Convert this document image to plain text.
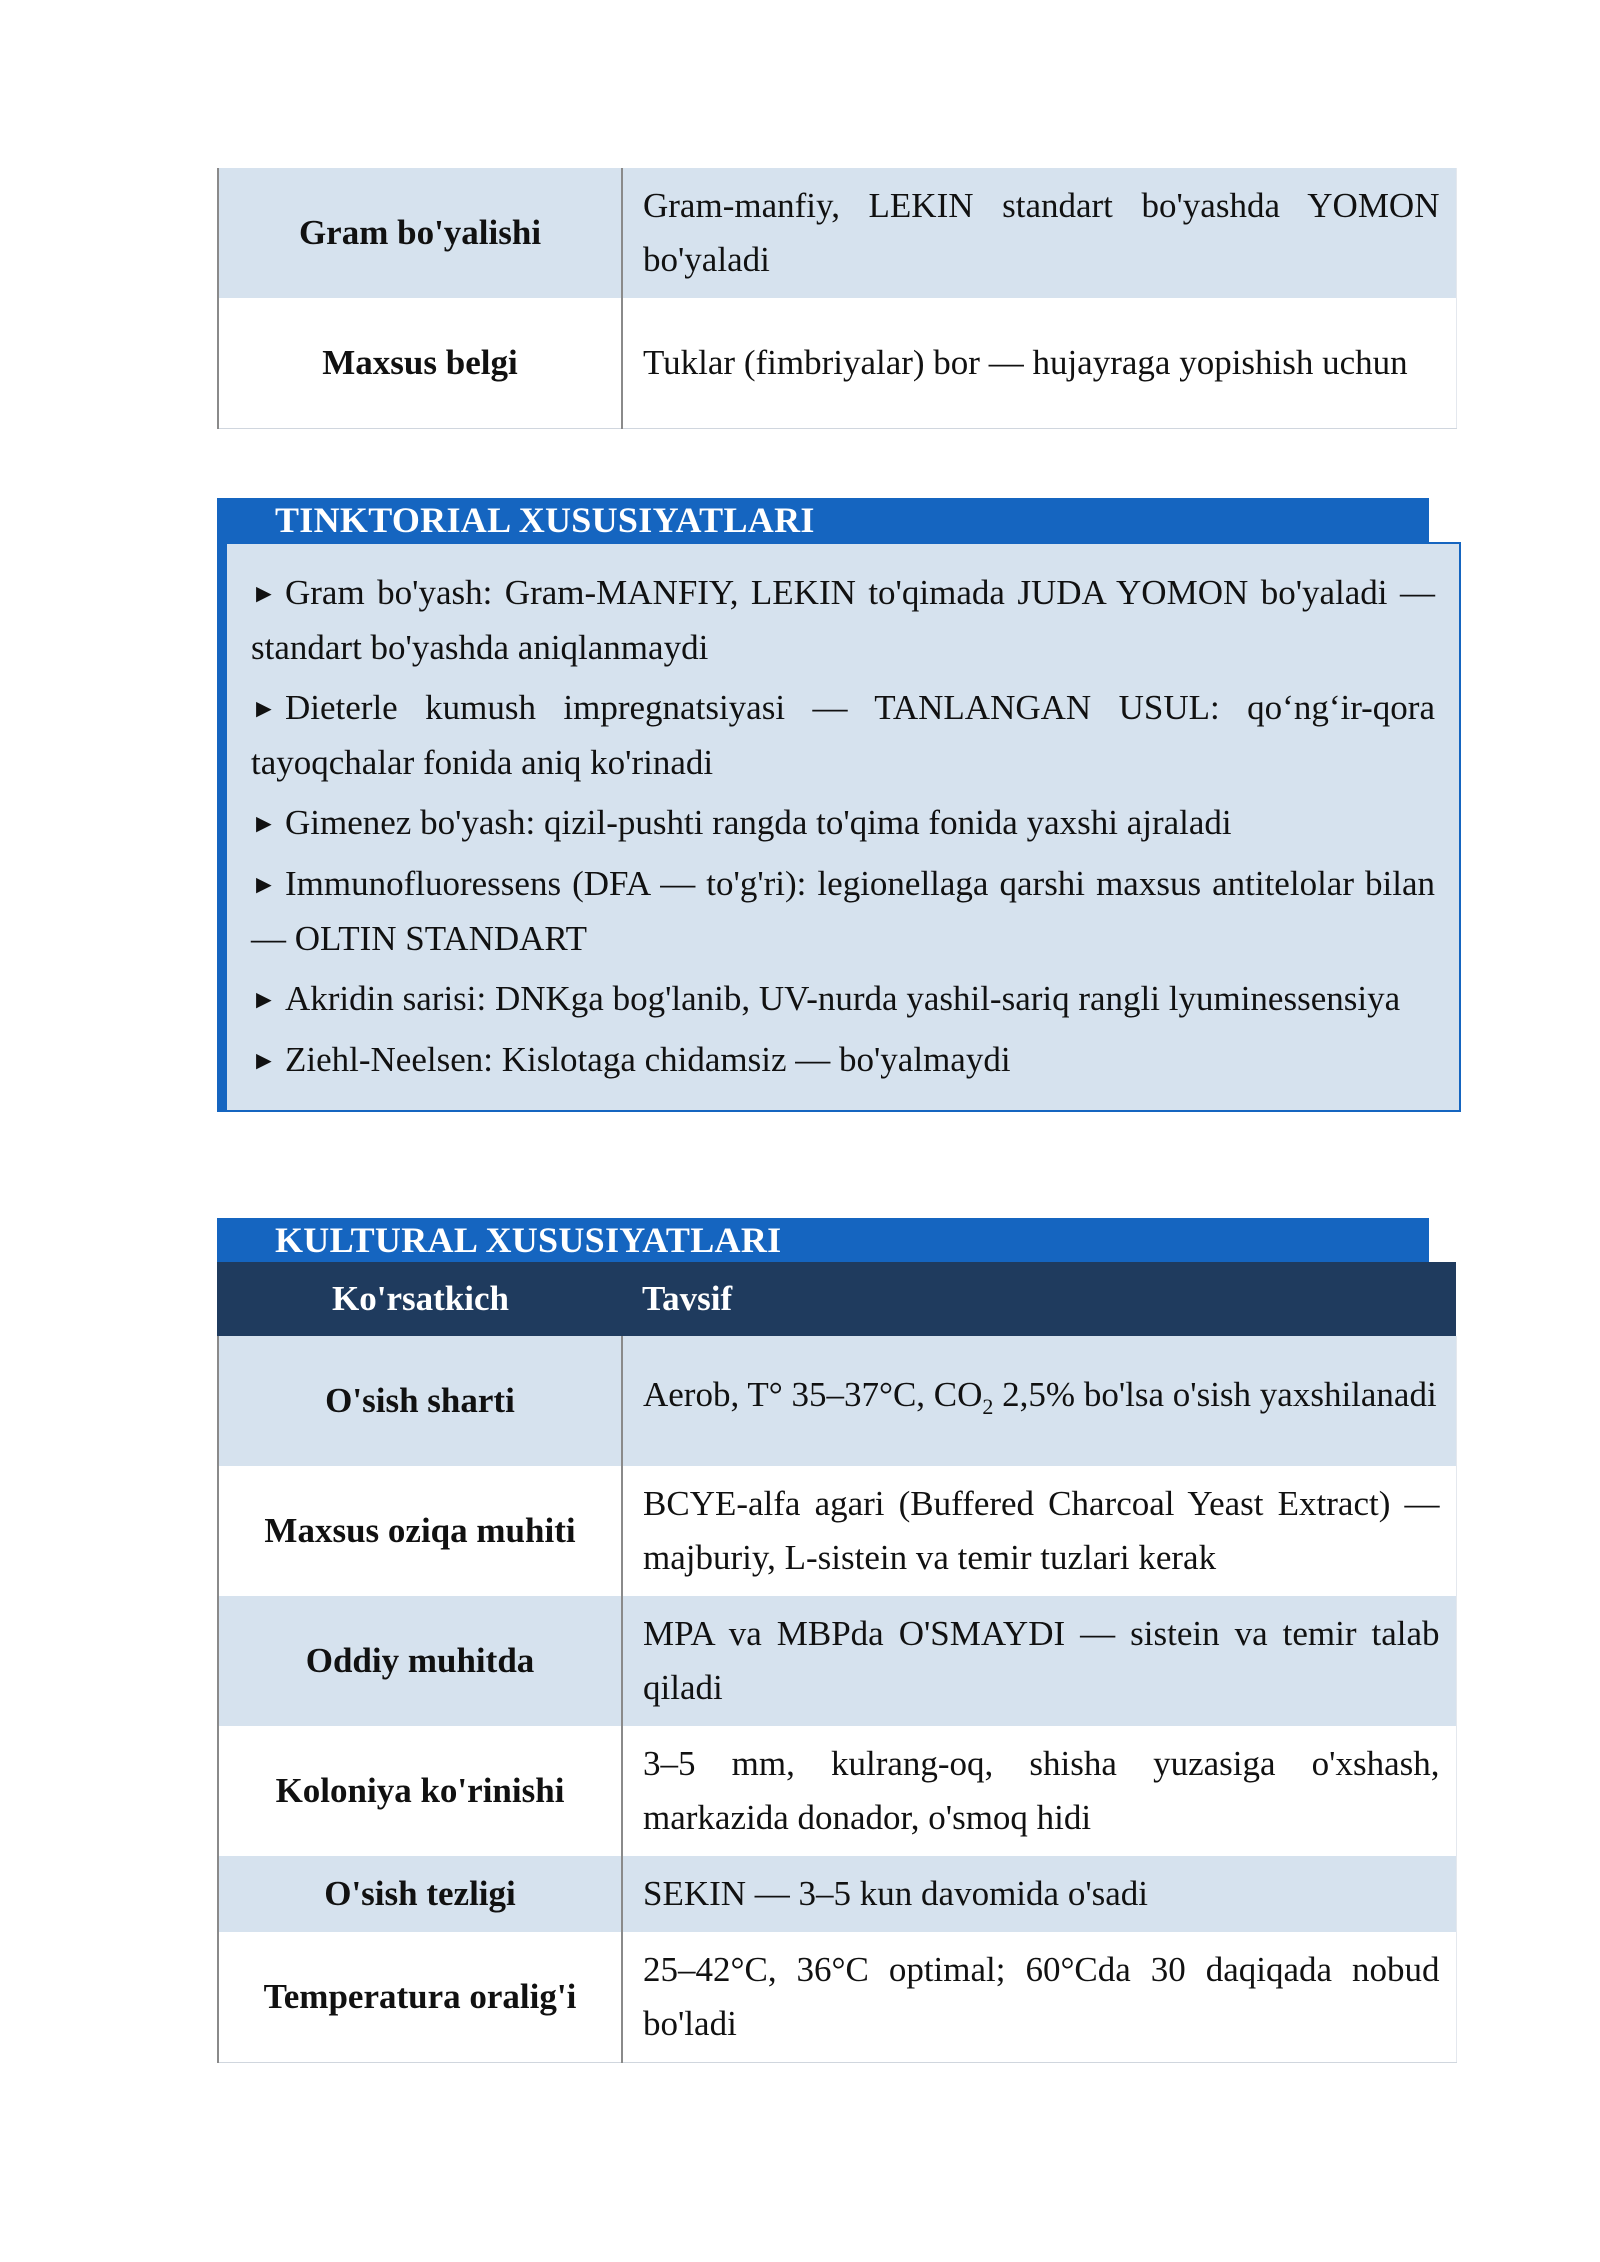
Gram bo'yalishi	Gram-manfiy, LEKIN standart bo'yashda YOMON bo'yaladi
Maxsus belgi	Tuklar (fimbriyalar) bor — hujayraga yopishish uchun
TINKTORIAL XUSUSIYATLARI
► Gram bo'yash: Gram-MANFIY, LEKIN to'qimada JUDA YOMON bo'yaladi — standart bo'yashda aniqlanmaydi
► Dieterle kumush impregnatsiyasi — TANLANGAN USUL: qo‘ng‘ir-qora tayoqchalar fonida aniq ko'rinadi
► Gimenez bo'yash: qizil-pushti rangda to'qima fonida yaxshi ajraladi
► Immunofluoressens (DFA — to'g'ri): legionellaga qarshi maxsus antitelolar bilan — OLTIN STANDART
► Akridin sarisi: DNKga bog'lanib, UV-nurda yashil-sariq rangli lyuminessensiya
► Ziehl-Neelsen: Kislotaga chidamsiz — bo'yalmaydi
KULTURAL XUSUSIYATLARI
Ko'rsatkich	Tavsif
O'sish sharti	Aerob, T° 35–37°C, $CO_2$ 2,5% bo'lsa o'sish yaxshilanadi
Maxsus oziqa muhiti	BCYE-alfa agari (Buffered Charcoal Yeast Extract) — majburiy, L-sistein va temir tuzlari kerak
Oddiy muhitda	MPA va MBPda O'SMAYDI — sistein va temir talab qiladi
Koloniya ko'rinishi	3–5 mm, kulrang-oq, shisha yuzasiga o'xshash, markazida donador, o'smoq hidi
O'sish tezligi	SEKIN — 3–5 kun davomida o'sadi
Temperatura oralig'i	25–42°C, 36°C optimal; 60°Cda 30 daqiqada nobud bo'ladi
